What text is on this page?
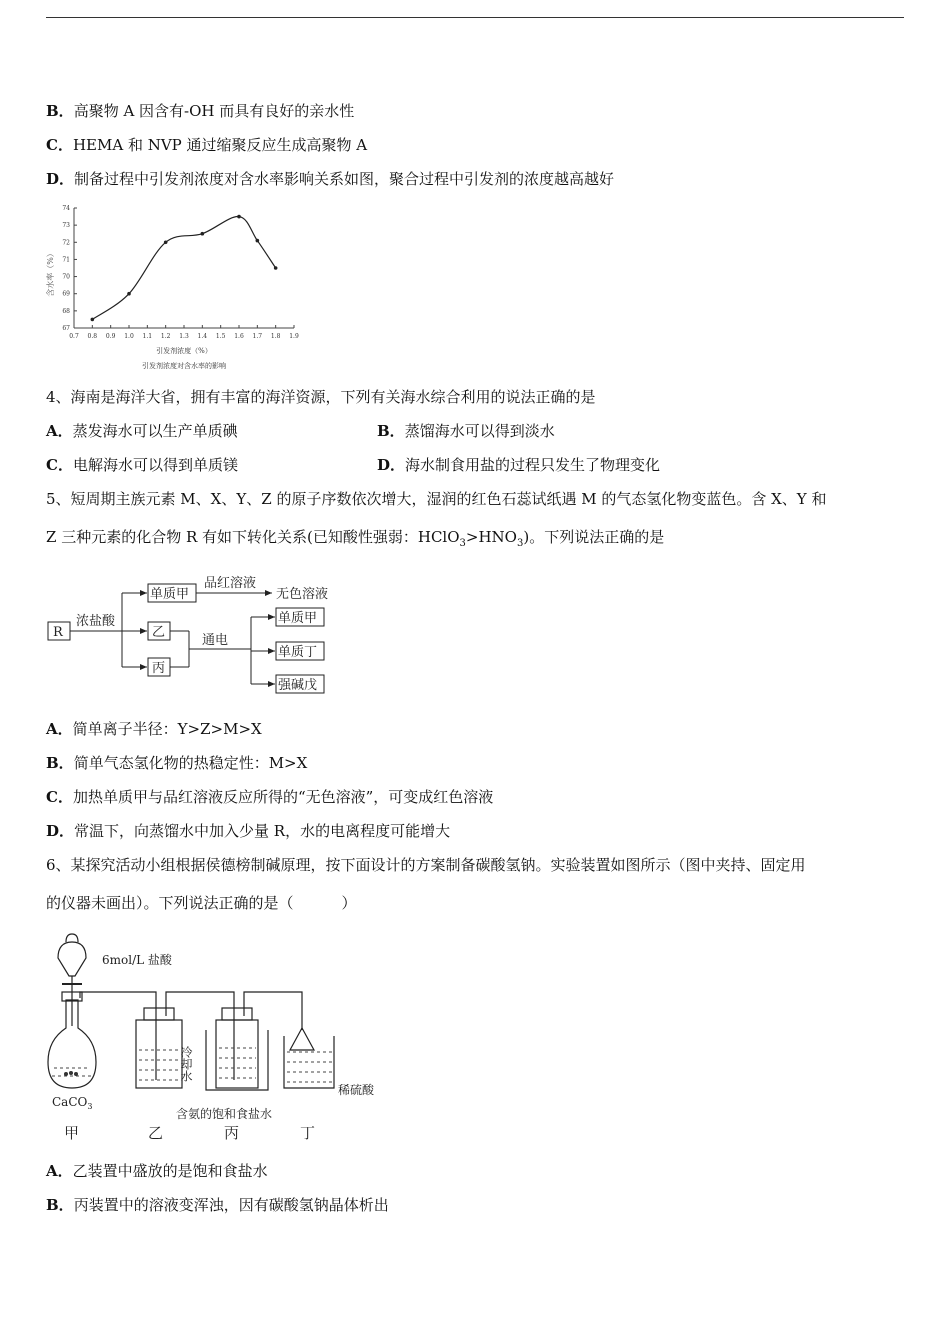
B．高聚物 A 因含有-OH 而具有良好的亲水性
C．HEMA 和 NVP 通过缩聚反应生成高聚物 A
D．制备过程中引发剂浓度对含水率影响关系如图，聚合过程中引发剂的浓度越高越好
0.7 0.8 0.9 1.0 1.1 1.2 1.3 1.4 1.5 1.6 1.7 1.8 1.9
67
68
69
70
71
72
73
74
含水率（%）
引发剂浓度（%）
引发剂浓度对含水率的影响
4、海南是海洋大省，拥有丰富的海洋资源，下列有关海水综合利用的说法正确的是
A．蒸发海水可以生产单质碘	B．蒸馏海水可以得到淡水
C．电解海水可以得到单质镁	D．海水制食用盐的过程只发生了物理变化
5、短周期主族元素 M、X、Y、Z 的原子序数依次增大，湿润的红色石蕊试纸遇 M 的气态氢化物变蓝色。含 X、Y 和
Z 三种元素的化合物 R 有如下转化关系(已知酸性强弱：$HClO_3>HNO_3$)。下列说法正确的是
R
浓盐酸
单质甲
乙
丙
品红溶液
无色溶液
通电
单质甲
单质丁
强碱戊
A．简单离子半径：Y>Z>M>X
B．简单气态氢化物的热稳定性：M>X
C．加热单质甲与品红溶液反应所得的“无色溶液”，可变成红色溶液
D．常温下，向蒸馏水中加入少量 R，水的电离程度可能增大
6、某探究活动小组根据侯德榜制碱原理，按下面设计的方案制备碳酸氢钠。实验装置如图所示（图中夹持、固定用
的仪器未画出）。下列说法正确的是（	）
6mol/L 盐酸
CaCO$_3$
冷却水
含氨的饱和食盐水
稀硫酸
甲	乙	丙	丁
A．乙装置中盛放的是饱和食盐水
B．丙装置中的溶液变浑浊，因有碳酸氢钠晶体析出
